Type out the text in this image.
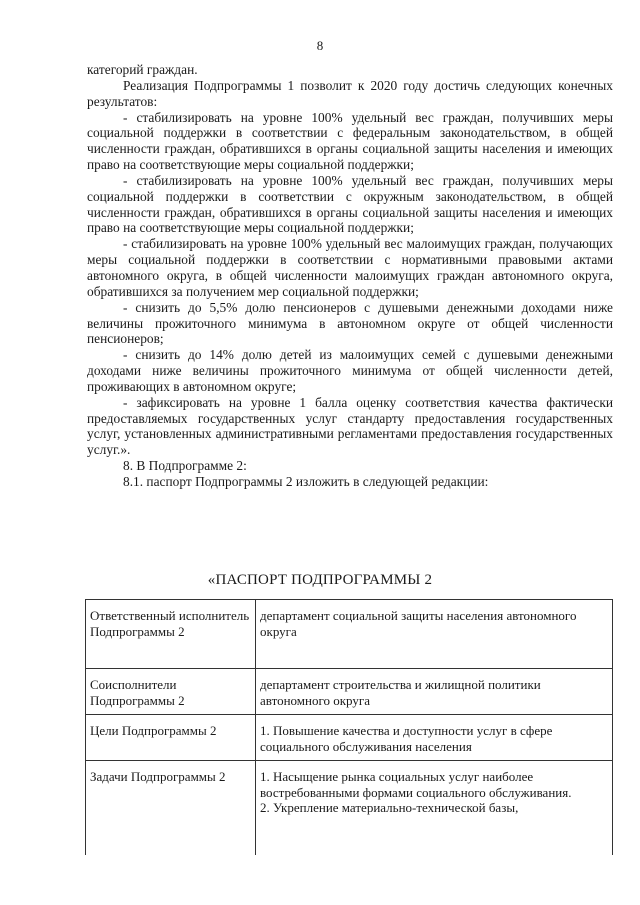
8

категорий граждан.

Реализация Подпрограммы 1 позволит к 2020 году достичь следующих конечных результатов:

- стабилизировать на уровне 100% удельный вес граждан, получивших меры социальной поддержки в соответствии с федеральным законодательством, в общей численности граждан, обратившихся в органы социальной защиты населения и имеющих право на соответствующие меры социальной поддержки;

- стабилизировать на уровне 100% удельный вес граждан, получивших меры социальной поддержки в соответствии с окружным законодательством, в общей численности граждан, обратившихся в органы социальной защиты населения и имеющих право на соответствующие меры социальной поддержки;

- стабилизировать на уровне 100% удельный вес малоимущих граждан, получающих меры социальной поддержки в соответствии с нормативными правовыми актами автономного округа, в общей численности малоимущих граждан автономного округа, обратившихся за получением мер социальной поддержки;

- снизить до 5,5% долю пенсионеров с душевыми денежными доходами ниже величины прожиточного минимума в автономном округе от общей численности пенсионеров;

- снизить до 14% долю детей из малоимущих семей с душевыми денежными доходами ниже величины прожиточного минимума от общей численности детей, проживающих в автономном округе;

- зафиксировать на уровне 1 балла оценку соответствия качества фактически предоставляемых государственных услуг стандарту предоставления государственных услуг, установленных административными регламентами предоставления государственных услуг.».

8. В Подпрограмме 2:

8.1. паспорт Подпрограммы 2 изложить в следующей редакции:

«ПАСПОРТ ПОДПРОГРАММЫ 2
Ответственный исполнитель Подпрограммы 2	департамент социальной защиты населения автономного округа
Соисполнители Подпрограммы 2	департамент строительства и жилищной политики автономного округа
Цели Подпрограммы 2	1. Повышение качества и доступности услуг в сфере социального обслуживания населения
Задачи Подпрограммы 2	1. Насыщение рынка социальных услуг наиболее востребованными формами социального обслуживания.
2. Укрепление материально-технической базы,
